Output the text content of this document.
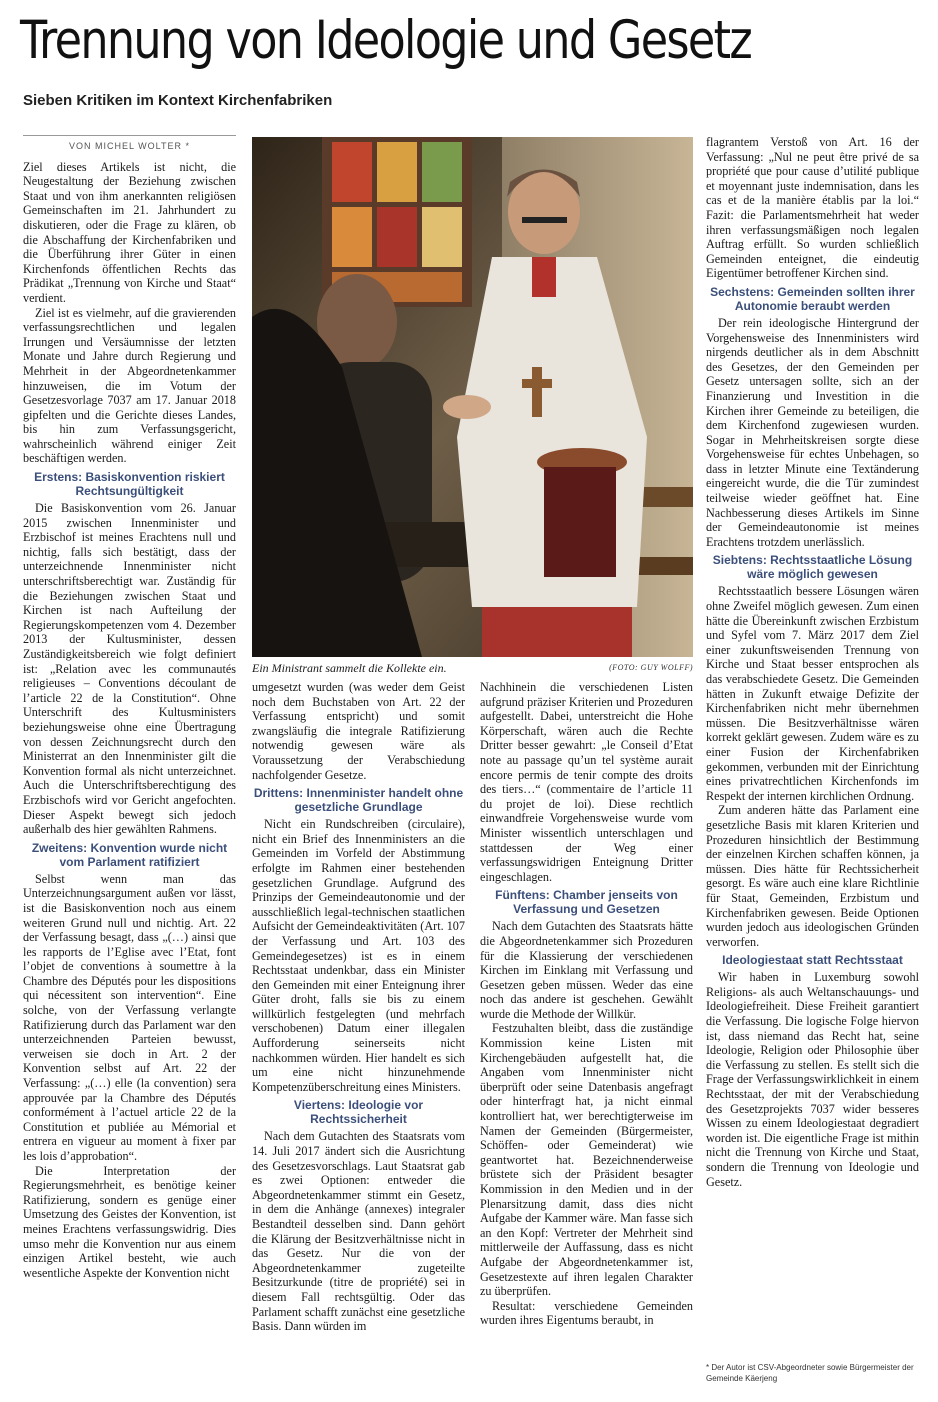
Trennung von Ideologie und Gesetz
Sieben Kritiken im Kontext Kirchenfabriken

VON MICHEL WOLTER *

Ziel dieses Artikels ist nicht, die Neugestaltung der Beziehung zwischen Staat und von ihm anerkannten religiösen Gemeinschaften im 21. Jahrhundert zu diskutieren, oder die Frage zu klären, ob die Abschaffung der Kirchenfabriken und die Überführung ihrer Güter in einen Kirchenfonds öffentlichen Rechts das Prädikat „Trennung von Kirche und Staat“ verdient.

Ziel ist es vielmehr, auf die gravierenden verfassungsrechtlichen und legalen Irrungen und Versäumnisse der letzten Monate und Jahre durch Regierung und Mehrheit in der Abgeordnetenkammer hinzuweisen, die im Votum der Gesetzesvorlage 7037 am 17. Januar 2018 gipfelten und die Gerichte dieses Landes, bis hin zum Verfassungsgericht, wahrscheinlich während einiger Zeit beschäftigen werden.

Erstens: Basiskonvention riskiert Rechtsungültigkeit

Die Basiskonvention vom 26. Januar 2015 zwischen Innenminister und Erzbischof ist meines Erachtens null und nichtig, falls sich bestätigt, dass der unterzeichnende Innenminister nicht unterschriftsberechtigt war. Zuständig für die Beziehungen zwischen Staat und Kirchen ist nach Aufteilung der Regierungskompetenzen vom 4. Dezember 2013 der Kultusminister, dessen Zuständigkeitsbereich wie folgt definiert ist: „Relation avec les communautés religieuses – Conventions découlant de l’article 22 de la Constitution“. Ohne Unterschrift des Kultusministers beziehungsweise ohne eine Übertragung von dessen Zeichnungsrecht durch den Ministerrat an den Innenminister gilt die Konvention formal als nicht unterzeichnet. Auch die Unterschriftsberechtigung des Erzbischofs wird vor Gericht angefochten. Dieser Aspekt bewegt sich jedoch außerhalb des hier gewählten Rahmens.

Zweitens: Konvention wurde nicht vom Parlament ratifiziert

Selbst wenn man das Unterzeichnungsargument außen vor lässt, ist die Basiskonvention noch aus einem weiteren Grund null und nichtig. Art. 22 der Verfassung besagt, dass „(…) ainsi que les rapports de l’Eglise avec l’Etat, font l’objet de conventions à soumettre à la Chambre des Députés pour les dispositions qui nécessitent son intervention“. Eine solche, von der Verfassung verlangte Ratifizierung durch das Parlament war den unterzeichnenden Parteien bewusst, verweisen sie doch in Art. 2 der Konvention selbst auf Art. 22 der Verfassung: „(…) elle (la convention) sera approuvée par la Chambre des Députés conformément à l’actuel article 22 de la Constitution et publiée au Mémorial et entrera en vigueur au moment à fixer par les lois d’approbation“.

Die Interpretation der Regierungsmehrheit, es benötige keiner Ratifizierung, sondern es genüge einer Umsetzung des Geistes der Konvention, ist meines Erachtens verfassungswidrig. Dies umso mehr die Konvention nur aus einem einzigen Artikel besteht, wie auch wesentliche Aspekte der Konvention nicht

Ein Ministrant sammelt die Kollekte ein.	(FOTO: GUY WOLFF)

umgesetzt wurden (was weder dem Geist noch dem Buchstaben von Art. 22 der Verfassung entspricht) und somit zwangsläufig die integrale Ratifizierung notwendig gewesen wäre als Voraussetzung der Verabschiedung nachfolgender Gesetze.

Drittens: Innenminister handelt ohne gesetzliche Grundlage

Nicht ein Rundschreiben (circulaire), nicht ein Brief des Innenministers an die Gemeinden im Vorfeld der Abstimmung erfolgte im Rahmen einer bestehenden gesetzlichen Grundlage. Aufgrund des Prinzips der Gemeindeautonomie und der ausschließlich legal-technischen staatlichen Aufsicht der Gemeindeaktivitäten (Art. 107 der Verfassung und Art. 103 des Gemeindegesetzes) ist es in einem Rechtsstaat undenkbar, dass ein Minister den Gemeinden mit einer Enteignung ihrer Güter droht, falls sie bis zu einem willkürlich festgelegten (und mehrfach verschobenen) Datum einer illegalen Aufforderung seinerseits nicht nachkommen würden. Hier handelt es sich um eine nicht hinzunehmende Kompetenzüberschreitung eines Ministers.

Viertens: Ideologie vor Rechtssicherheit

Nach dem Gutachten des Staatsrats vom 14. Juli 2017 ändert sich die Ausrichtung des Gesetzesvorschlags. Laut Staatsrat gab es zwei Optionen: entweder die Abgeordnetenkammer stimmt ein Gesetz, in dem die Anhänge (annexes) integraler Bestandteil desselben sind. Dann gehört die Klärung der Besitzverhältnisse nicht in das Gesetz. Nur die von der Abgeordnetenkammer zugeteilte Besitzurkunde (titre de propriété) sei in diesem Fall rechtsgültig. Oder das Parlament schafft zunächst eine gesetzliche Basis. Dann würden im

Nachhinein die verschiedenen Listen aufgrund präziser Kriterien und Prozeduren aufgestellt. Dabei, unterstreicht die Hohe Körperschaft, wären auch die Rechte Dritter besser gewahrt: „le Conseil d’Etat note au passage qu’un tel système aurait encore permis de tenir compte des droits des tiers…“ (commentaire de l’article 11 du projet de loi). Diese rechtlich einwandfreie Vorgehensweise wurde vom Minister wissentlich unterschlagen und stattdessen der Weg einer verfassungswidrigen Enteignung Dritter eingeschlagen.

Fünftens: Chamber jenseits von Verfassung und Gesetzen

Nach dem Gutachten des Staatsrats hätte die Abgeordnetenkammer sich Prozeduren für die Klassierung der verschiedenen Kirchen im Einklang mit Verfassung und Gesetzen geben müssen. Weder das eine noch das andere ist geschehen. Gewählt wurde die Methode der Willkür.

Festzuhalten bleibt, dass die zuständige Kommission keine Listen mit Kirchengebäuden aufgestellt hat, die Angaben vom Innenminister nicht überprüft oder seine Datenbasis angefragt oder hinterfragt hat, ja nicht einmal kontrolliert hat, wer berechtigterweise im Namen der Gemeinden (Bürgermeister, Schöffen- oder Gemeinderat) wie geantwortet hat. Bezeichnenderweise brüstete sich der Präsident besagter Kommission in den Medien und in der Plenarsitzung damit, dass dies nicht Aufgabe der Kammer wäre. Man fasse sich an den Kopf: Vertreter der Mehrheit sind mittlerweile der Auffassung, dass es nicht Aufgabe der Abgeordnetenkammer ist, Gesetzestexte auf ihren legalen Charakter zu überprüfen.

Resultat: verschiedene Gemeinden wurden ihres Eigentums beraubt, in

flagrantem Verstoß von Art. 16 der Verfassung: „Nul ne peut être privé de sa propriété que pour cause d’utilité publique et moyennant juste indemnisation, dans les cas et de la manière établis par la loi.“ Fazit: die Parlamentsmehrheit hat weder ihren verfassungsmäßigen noch legalen Auftrag erfüllt. So wurden schließlich Gemeinden enteignet, die eindeutig Eigentümer betroffener Kirchen sind.

Sechstens: Gemeinden sollten ihrer Autonomie beraubt werden

Der rein ideologische Hintergrund der Vorgehensweise des Innenministers wird nirgends deutlicher als in dem Abschnitt des Gesetzes, der den Gemeinden per Gesetz untersagen sollte, sich an der Finanzierung und Investition in die Kirchen ihrer Gemeinde zu beteiligen, die dem Kirchenfond zugewiesen wurden. Sogar in Mehrheitskreisen sorgte diese Vorgehensweise für echtes Unbehagen, so dass in letzter Minute eine Textänderung eingereicht wurde, die die Tür zumindest teilweise wieder geöffnet hat. Eine Nachbesserung dieses Artikels im Sinne der Gemeindeautonomie ist meines Erachtens trotzdem unerlässlich.

Siebtens: Rechtsstaatliche Lösung wäre möglich gewesen

Rechtsstaatlich bessere Lösungen wären ohne Zweifel möglich gewesen. Zum einen hätte die Übereinkunft zwischen Erzbistum und Syfel vom 7. März 2017 dem Ziel einer zukunftsweisenden Trennung von Kirche und Staat besser entsprochen als das verabschiedete Gesetz. Die Gemeinden hätten in Zukunft etwaige Defizite der Kirchenfabriken nicht mehr übernehmen müssen. Die Besitzverhältnisse wären korrekt geklärt gewesen. Zudem wäre es zu einer Fusion der Kirchenfabriken gekommen, verbunden mit der Einrichtung eines privatrechtlichen Kirchenfonds im Respekt der internen kirchlichen Ordnung.

Zum anderen hätte das Parlament eine gesetzliche Basis mit klaren Kriterien und Prozeduren hinsichtlich der Bestimmung der einzelnen Kirchen schaffen können, ja müssen. Dies hätte für Rechtssicherheit gesorgt. Es wäre auch eine klare Richtlinie für Staat, Gemeinden, Erzbistum und Kirchenfabriken gewesen. Beide Optionen wurden jedoch aus ideologischen Gründen verworfen.

Ideologiestaat statt Rechtsstaat

Wir haben in Luxemburg sowohl Religions- als auch Weltanschauungs- und Ideologiefreiheit. Diese Freiheit garantiert die Verfassung. Die logische Folge hiervon ist, dass niemand das Recht hat, seine Ideologie, Religion oder Philosophie über die Verfassung zu stellen. Es stellt sich die Frage der Verfassungswirklichkeit in einem Rechtsstaat, der mit der Verabschiedung des Gesetzprojekts 7037 wider besseres Wissen zu einem Ideologiestaat degradiert worden ist. Die eigentliche Frage ist mithin nicht die Trennung von Kirche und Staat, sondern die Trennung von Ideologie und Gesetz.

* Der Autor ist CSV-Abgeordneter sowie Bürgermeister der Gemeinde Käerjeng
